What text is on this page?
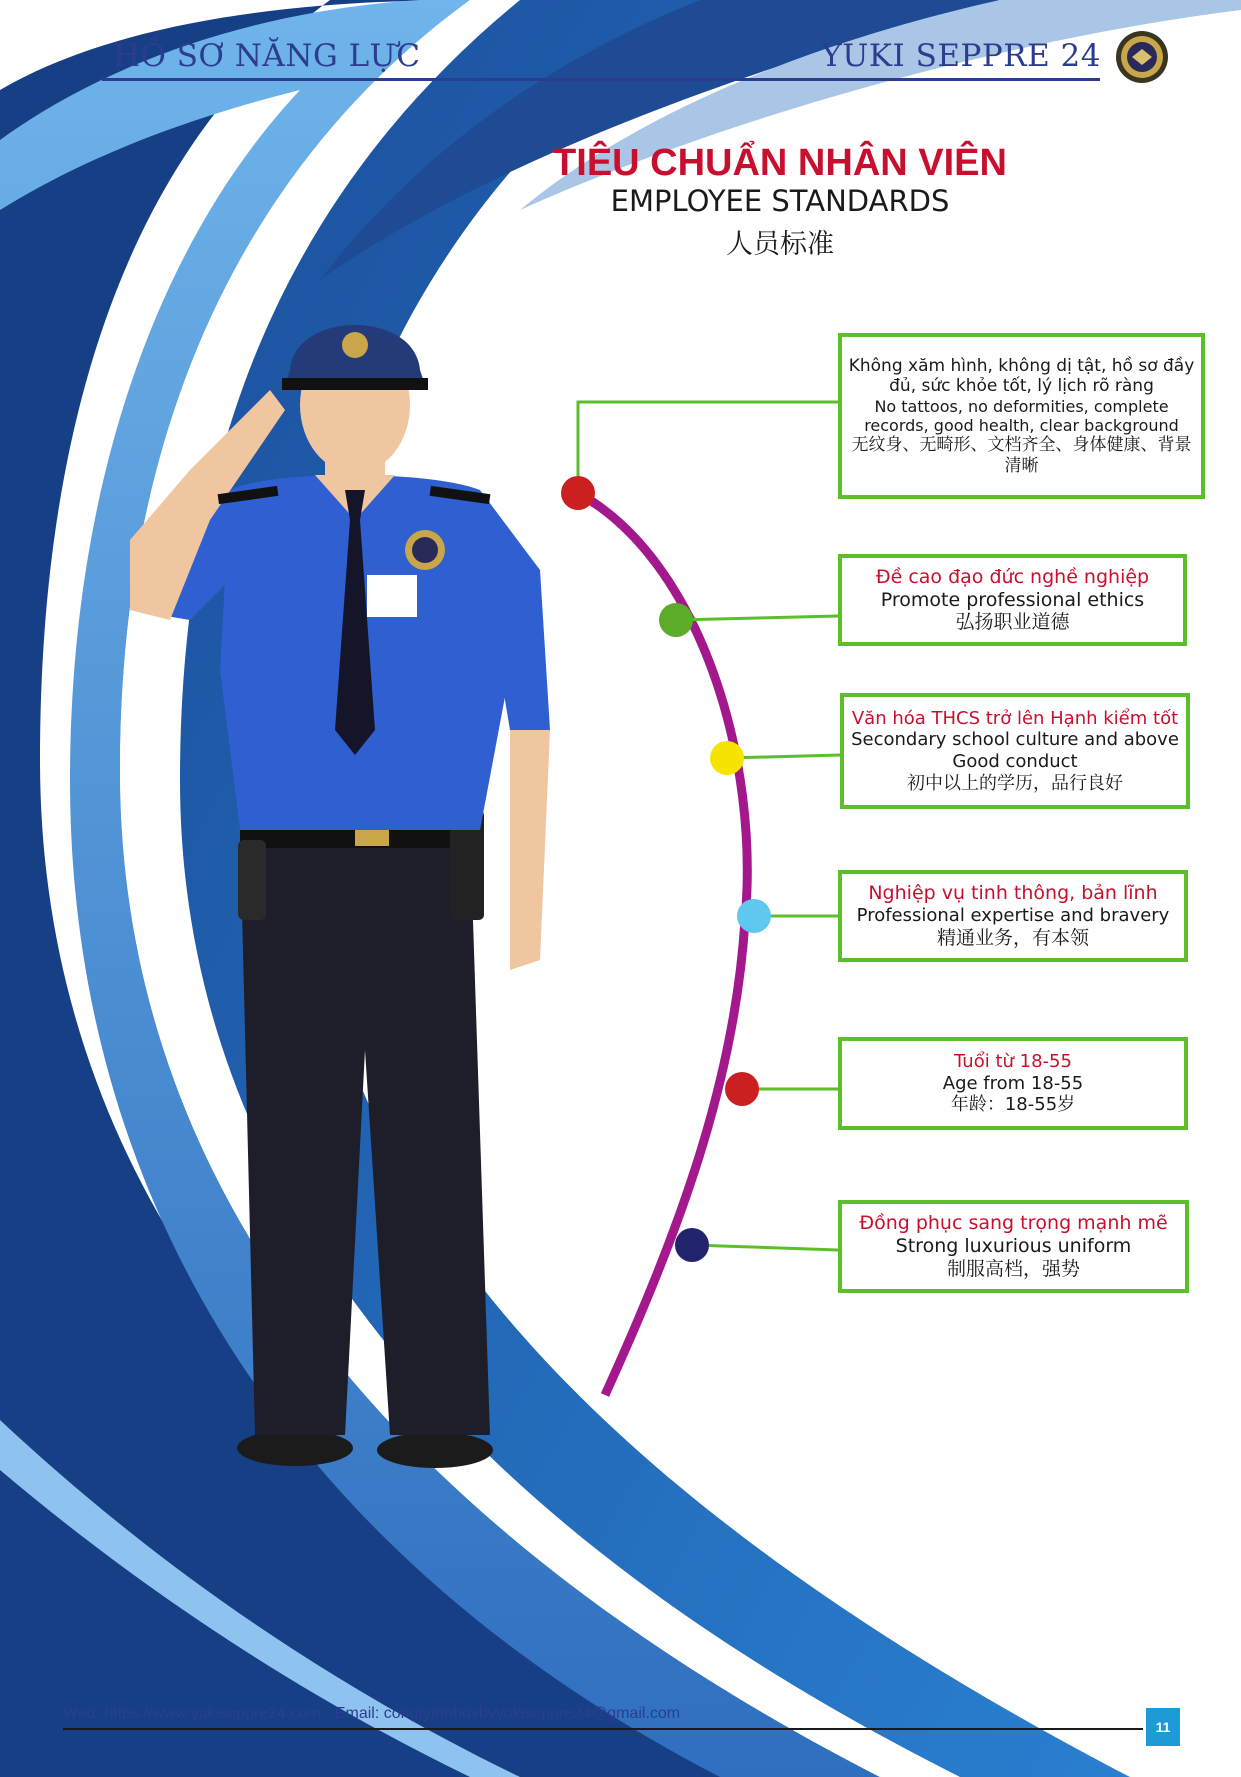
HỒ SƠ NĂNG LỰC	YUKI SEPPRE 24
TIÊU CHUẨN NHÂN VIÊN
EMPLOYEE STANDARDS
人员标准
Không xăm hình, không dị tật, hồ sơ đầy đủ, sức khỏe tốt, lý lịch rõ ràng
No tattoos, no deformities, complete records, good health, clear background
无纹身、无畸形、文档齐全、身体健康、背景清晰
Đề cao đạo đức nghề nghiệp
Promote professional ethics
弘扬职业道德
Văn hóa THCS trở lên Hạnh kiểm tốt
Secondary school culture and above Good conduct
初中以上的学历，品行良好
Nghiệp vụ tinh thông, bản lĩnh
Professional expertise and bravery
精通业务，有本领
Tuổi từ 18-55
Age from 18-55
年龄：18-55岁
Đồng phục sang trọng mạnh mẽ
Strong luxurious uniform
制服高档，强势
Wed: https://www.yukiseppre24.com - Email: congtytnhhdvbvyukiseppre24@gmail.com
11
